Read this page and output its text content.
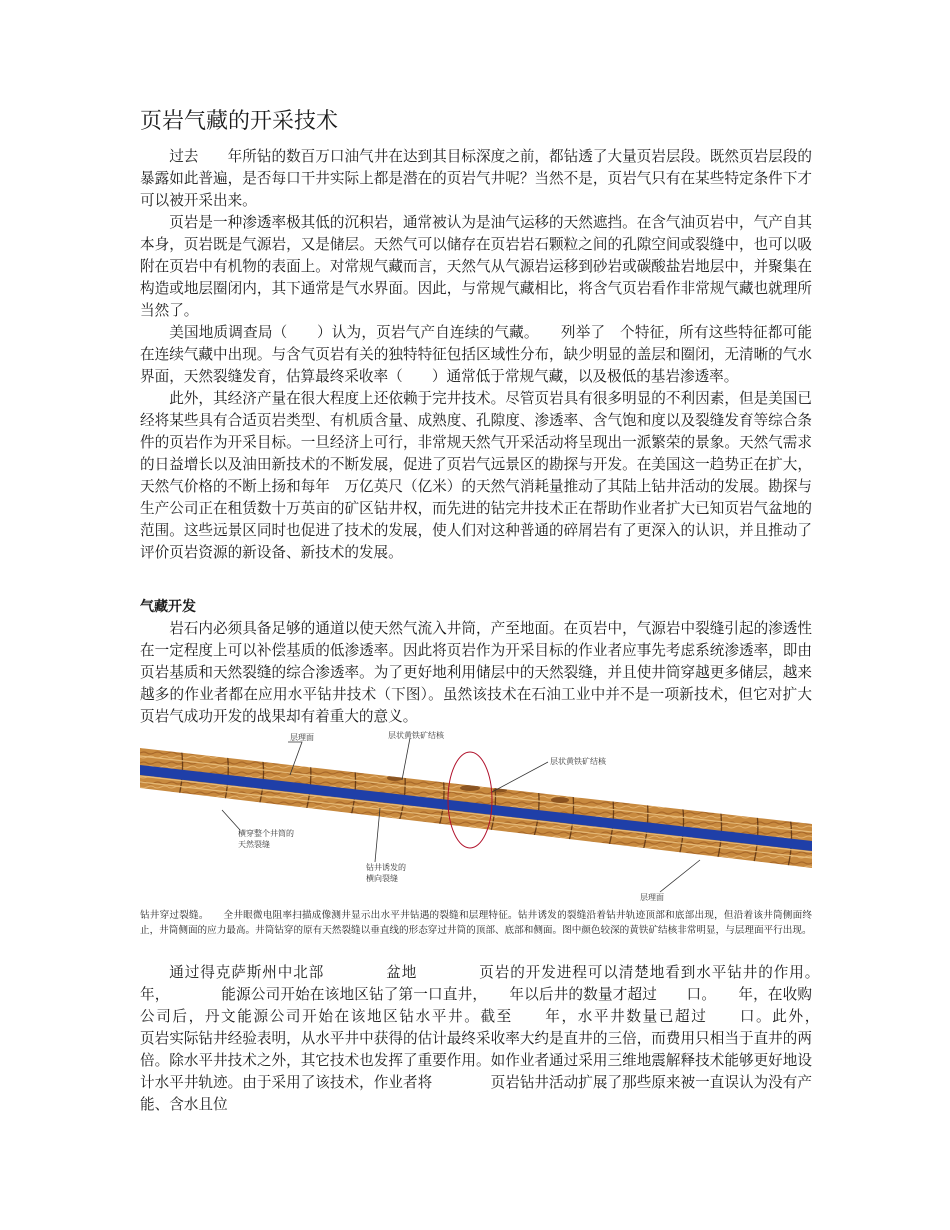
页岩气藏的开采技术

过去　　年所钻的数百万口油气井在达到其目标深度之前，都钻透了大量页岩层段。既然页岩层段的暴露如此普遍，是否每口干井实际上都是潜在的页岩气井呢？当然不是，页岩气只有在某些特定条件下才可以被开采出来。

页岩是一种渗透率极其低的沉积岩，通常被认为是油气运移的天然遮挡。在含气油页岩中，气产自其本身，页岩既是气源岩，又是储层。天然气可以储存在页岩岩石颗粒之间的孔隙空间或裂缝中，也可以吸附在页岩中有机物的表面上。对常规气藏而言，天然气从气源岩运移到砂岩或碳酸盐岩地层中，并聚集在构造或地层圈闭内，其下通常是气水界面。因此，与常规气藏相比，将含气页岩看作非常规气藏也就理所当然了。

美国地质调查局（　　）认为，页岩气产自连续的气藏。　　列举了　个特征，所有这些特征都可能在连续气藏中出现。与含气页岩有关的独特特征包括区域性分布，缺少明显的盖层和圈闭，无清晰的气水界面，天然裂缝发育，估算最终采收率（　　）通常低于常规气藏，以及极低的基岩渗透率。

此外，其经济产量在很大程度上还依赖于完井技术。尽管页岩具有很多明显的不利因素，但是美国已经将某些具有合适页岩类型、有机质含量、成熟度、孔隙度、渗透率、含气饱和度以及裂缝发育等综合条件的页岩作为开采目标。一旦经济上可行，非常规天然气开采活动将呈现出一派繁荣的景象。天然气需求的日益增长以及油田新技术的不断发展，促进了页岩气远景区的勘探与开发。在美国这一趋势正在扩大，天然气价格的不断上扬和每年　万亿英尺（亿米）的天然气消耗量推动了其陆上钻井活动的发展。勘探与生产公司正在租赁数十万英亩的矿区钻井权，而先进的钻完井技术正在帮助作业者扩大已知页岩气盆地的范围。这些远景区同时也促进了技术的发展，使人们对这种普通的碎屑岩有了更深入的认识，并且推动了评价页岩资源的新设备、新技术的发展。

气藏开发

岩石内必须具备足够的通道以使天然气流入井筒，产至地面。在页岩中，气源岩中裂缝引起的渗透性在一定程度上可以补偿基质的低渗透率。因此将页岩作为开采目标的作业者应事先考虑系统渗透率，即由页岩基质和天然裂缝的综合渗透率。为了更好地利用储层中的天然裂缝，并且使井筒穿越更多储层，越来越多的作业者都在应用水平钻井技术（下图）。虽然该技术在石油工业中并不是一项新技术，但它对扩大页岩气成功开发的战果却有着重大的意义。

层理面	层状黄铁矿结核
层状黄铁矿结核
横穿整个井筒的 天然裂缝
钻井诱发的 横向裂缝
层理面

钻井穿过裂缝。　　全井眼微电阻率扫描成像测井显示出水平井钻遇的裂缝和层理特征。钻井诱发的裂缝沿着钻井轨迹顶部和底部出现，但沿着该井筒侧面终止，井筒侧面的应力最高。井筒钻穿的原有天然裂缝以垂直线的形态穿过井筒的顶部、底部和侧面。图中颜色较深的黄铁矿结核非常明显，与层理面平行出现。

通过得克萨斯州中北部　　　　盆地　　　　页岩的开发进程可以清楚地看到水平钻井的作用。　　　　年，　　　　能源公司开始在该地区钻了第一口直井，　　年以后井的数量才超过　　口。　　年，在收购　　　　公司后，丹文能源公司开始在该地区钻水平井。截至　　年，水平井数量已超过　　口。此外，　　　　页岩实际钻井经验表明，从水平井中获得的估计最终采收率大约是直井的三倍，而费用只相当于直井的两倍。除水平井技术之外，其它技术也发挥了重要作用。如作业者通过采用三维地震解释技术能够更好地设计水平井轨迹。由于采用了该技术，作业者将　　　　页岩钻井活动扩展了那些原来被一直误认为没有产能、含水且位
